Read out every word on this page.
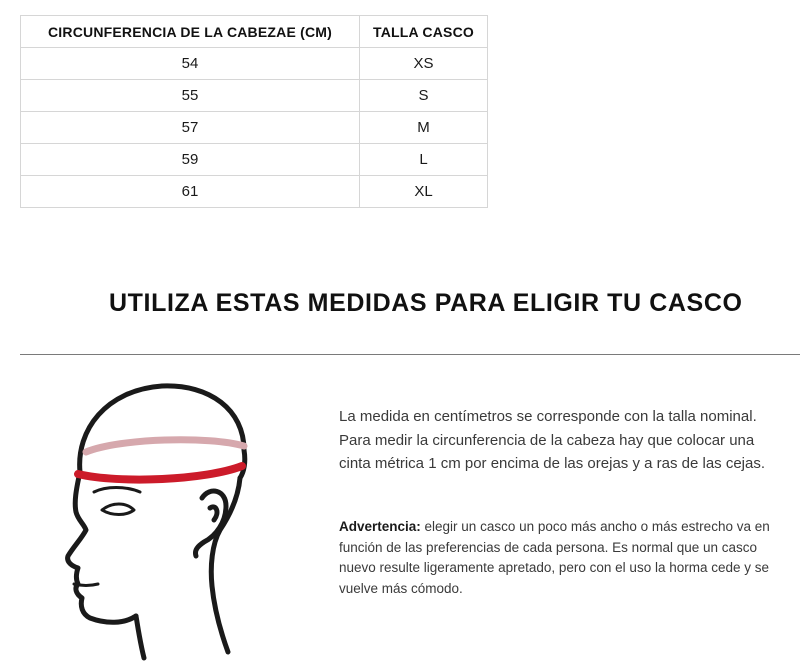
CIRCUNFERENCIA DE LA CABEZAE (CM)	TALLA CASCO
54	XS
55	S
57	M
59	L
61	XL
UTILIZA ESTAS MEDIDAS PARA ELIGIR TU CASCO

La medida en centímetros se corresponde con la talla nominal. Para medir la circunferencia de la cabeza hay que colocar una cinta métrica 1 cm por encima de las orejas y a ras de las cejas.

Advertencia: elegir un casco un poco más ancho o más estrecho va en función de las preferencias de cada persona. Es normal que un casco nuevo resulte ligeramente apretado, pero con el uso la horma cede y se vuelve más cómodo.
